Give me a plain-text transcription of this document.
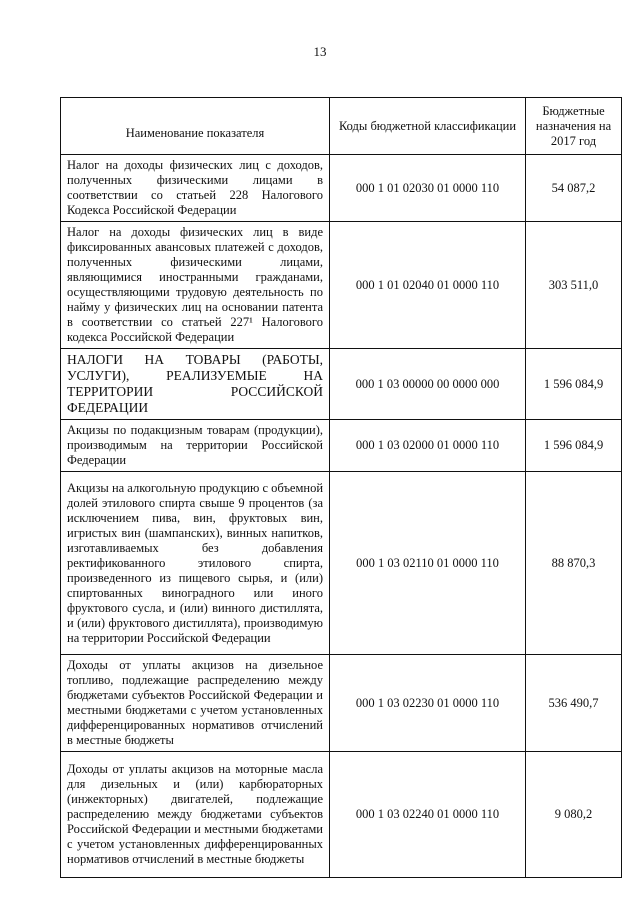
13
Наименование показателя	Коды бюджетной классификации	Бюджетные назначения на 2017 год
Налог на доходы физических лиц с доходов, полученных физическими лицами в соответствии со статьей 228 Налогового Кодекса Российской Федерации	000 1 01 02030 01 0000 110	54 087,2
Налог на доходы физических лиц в виде фиксированных авансовых платежей с доходов, полученных физическими лицами, являющимися иностранными гражданами, осуществляющими трудовую деятельность по найму у физических лиц на основании патента в соответствии со статьей 227¹ Налогового кодекса Российской Федерации	000 1 01 02040 01 0000 110	303 511,0
НАЛОГИ НА ТОВАРЫ (РАБОТЫ, УСЛУГИ), РЕАЛИЗУЕМЫЕ НА ТЕРРИТОРИИ РОССИЙСКОЙ ФЕДЕРАЦИИ	000 1 03 00000 00 0000 000	1 596 084,9
Акцизы по подакцизным товарам (продукции), производимым на территории Российской Федерации	000 1 03 02000 01 0000 110	1 596 084,9
Акцизы на алкогольную продукцию с объемной долей этилового спирта свыше 9 процентов (за исключением пива, вин, фруктовых вин, игристых вин (шампанских), винных напитков, изготавливаемых без добавления ректификованного этилового спирта, произведенного из пищевого сырья, и (или) спиртованных виноградного или иного фруктового сусла, и (или) винного дистиллята, и (или) фруктового дистиллята), производимую на территории Российской Федерации	000 1 03 02110 01 0000 110	88 870,3
Доходы от уплаты акцизов на дизельное топливо, подлежащие распределению между бюджетами субъектов Российской Федерации и местными бюджетами с учетом установленных дифференцированных нормативов отчислений в местные бюджеты	000 1 03 02230 01 0000 110	536 490,7
Доходы от уплаты акцизов на моторные масла для дизельных и (или) карбюраторных (инжекторных) двигателей, подлежащие распределению между бюджетами субъектов Российской Федерации и местными бюджетами с учетом установленных дифференцированных нормативов отчислений в местные бюджеты	000 1 03 02240 01 0000 110	9 080,2
